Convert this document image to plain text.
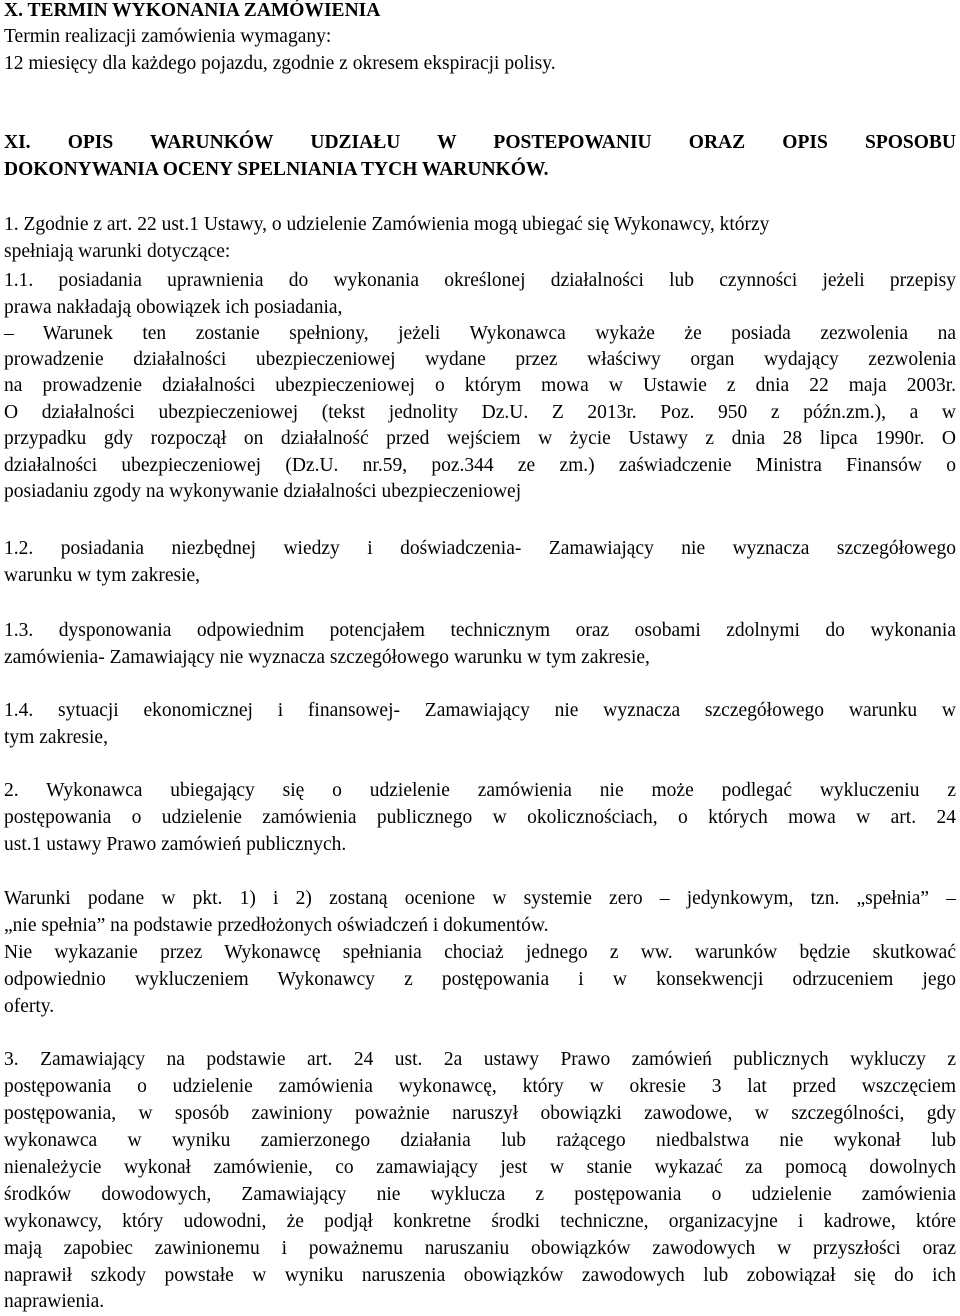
X. TERMIN WYKONANIA ZAMÓWIENIA
Termin realizacji zamówienia wymagany:
12 miesięcy dla każdego pojazdu, zgodnie z okresem ekspiracji polisy.
XI. OPIS WARUNKÓW UDZIAŁU W POSTEPOWANIU ORAZ OPIS SPOSOBU
DOKONYWANIA OCENY SPELNIANIA TYCH WARUNKÓW.
1. Zgodnie z art. 22 ust.1 Ustawy, o udzielenie Zamówienia mogą ubiegać się Wykonawcy, którzy
spełniają warunki dotyczące:
1.1. posiadania uprawnienia do wykonania określonej działalności lub czynności jeżeli przepisy
prawa nakładają obowiązek ich posiadania,
– Warunek ten zostanie spełniony, jeżeli Wykonawca wykaże że posiada zezwolenia na
prowadzenie działalności ubezpieczeniowej wydane przez właściwy organ wydający zezwolenia
na prowadzenie działalności ubezpieczeniowej o którym mowa w Ustawie z dnia 22 maja 2003r.
O działalności ubezpieczeniowej (tekst jednolity Dz.U. Z 2013r. Poz. 950 z późn.zm.), a w
przypadku gdy rozpoczął on działalność przed wejściem w życie Ustawy z dnia 28 lipca 1990r. O
działalności ubezpieczeniowej (Dz.U. nr.59, poz.344 ze zm.) zaświadczenie Ministra Finansów o
posiadaniu zgody na wykonywanie działalności ubezpieczeniowej
1.2. posiadania niezbędnej wiedzy i doświadczenia- Zamawiający nie wyznacza szczegółowego
warunku w tym zakresie,
1.3. dysponowania odpowiednim potencjałem technicznym oraz osobami zdolnymi do wykonania
zamówienia- Zamawiający nie wyznacza szczegółowego warunku w tym zakresie,
1.4. sytuacji ekonomicznej i finansowej- Zamawiający nie wyznacza szczegółowego warunku w
tym zakresie,
2. Wykonawca ubiegający się o udzielenie zamówienia nie może podlegać wykluczeniu z
postępowania o udzielenie zamówienia publicznego w okolicznościach, o których mowa w art. 24
ust.1 ustawy Prawo zamówień publicznych.
Warunki podane w pkt. 1) i 2) zostaną ocenione w systemie zero – jedynkowym, tzn. „spełnia” –
„nie spełnia” na podstawie przedłożonych oświadczeń i dokumentów.
Nie wykazanie przez Wykonawcę spełniania chociaż jednego z ww. warunków będzie skutkować
odpowiednio wykluczeniem Wykonawcy z postępowania i w konsekwencji odrzuceniem jego
oferty.
3. Zamawiający na podstawie art. 24 ust. 2a ustawy Prawo zamówień publicznych wykluczy z
postępowania o udzielenie zamówienia wykonawcę, który w okresie 3 lat przed wszczęciem
postępowania, w sposób zawiniony poważnie naruszył obowiązki zawodowe, w szczególności, gdy
wykonawca w wyniku zamierzonego działania lub rażącego niedbalstwa nie wykonał lub
nienależycie wykonał zamówienie, co zamawiający jest w stanie wykazać za pomocą dowolnych
środków dowodowych, Zamawiający nie wyklucza z postępowania o udzielenie zamówienia
wykonawcy, który udowodni, że podjął konkretne środki techniczne, organizacyjne i kadrowe, które
mają zapobiec zawinionemu i poważnemu naruszaniu obowiązków zawodowych w przyszłości oraz
naprawił szkody powstałe w wyniku naruszenia obowiązków zawodowych lub zobowiązał się do ich
naprawienia.
